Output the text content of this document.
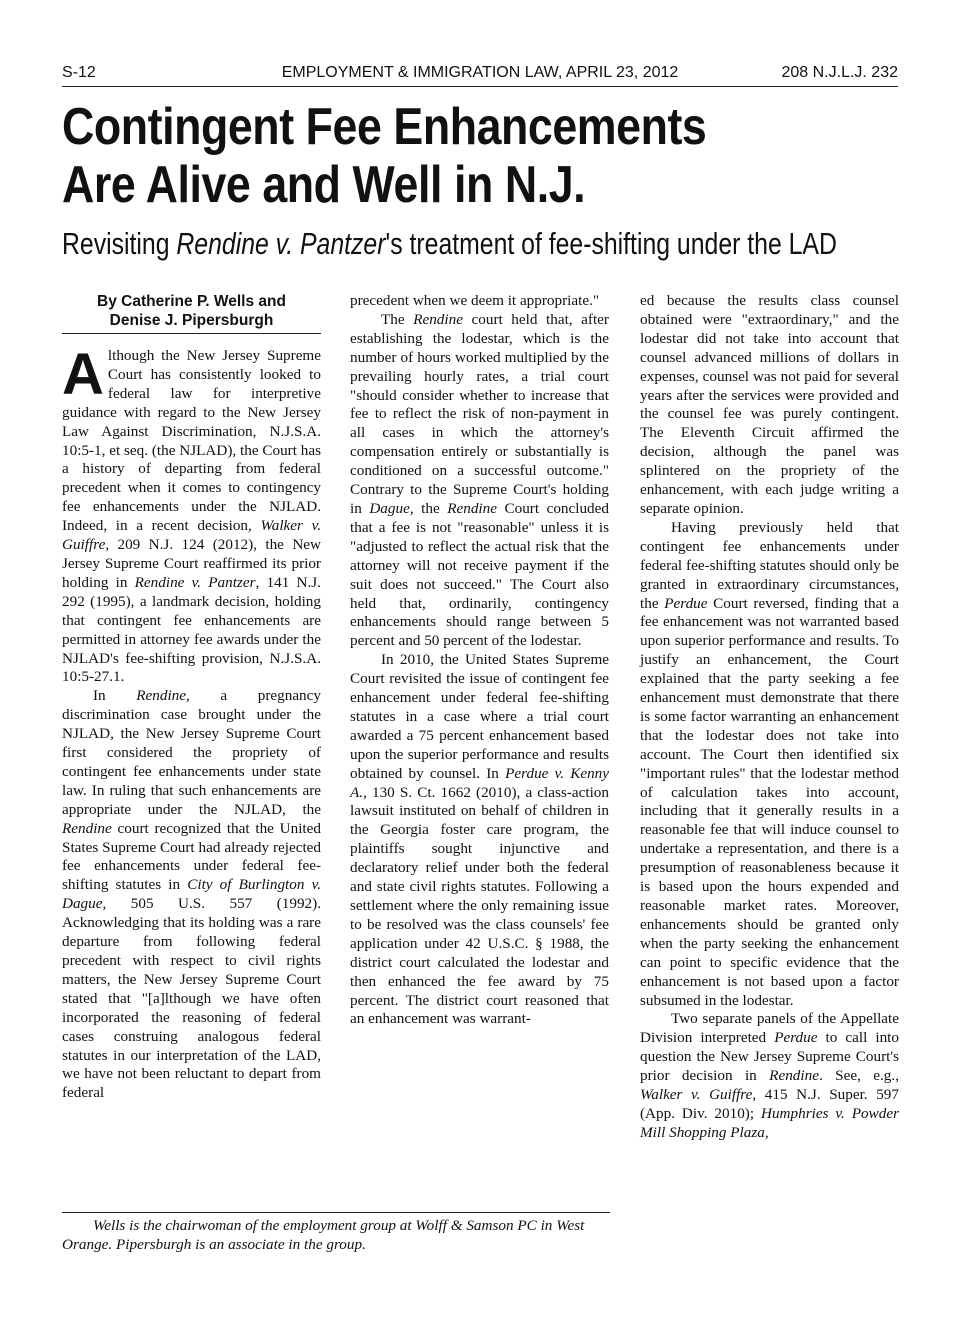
EMPLOYMENT & IMMIGRATION LAW, APRIL 23, 2012
S-12	208 N.J.L.J. 232
Contingent Fee Enhancements
Are Alive and Well in N.J.
Revisiting Rendine v. Pantzer's treatment of fee-shifting under the LAD
By Catherine P. Wells and
Denise J. Pipersburgh

Although the New Jersey Supreme Court has consistently looked to federal law for interpretive guidance with regard to the New Jersey Law Against Discrimination, N.J.S.A. 10:5-1, et seq. (the NJLAD), the Court has a history of departing from federal precedent when it comes to contingency fee enhancements under the NJLAD. Indeed, in a recent decision, Walker v. Guiffre, 209 N.J. 124 (2012), the New Jersey Supreme Court reaffirmed its prior holding in Rendine v. Pantzer, 141 N.J. 292 (1995), a landmark decision, holding that contingent fee enhancements are permitted in attorney fee awards under the NJLAD's fee-shifting provision, N.J.S.A. 10:5-27.1.

In Rendine, a pregnancy discrimination case brought under the NJLAD, the New Jersey Supreme Court first considered the propriety of contingent fee enhancements under state law. In ruling that such enhancements are appropriate under the NJLAD, the Rendine court recognized that the United States Supreme Court had already rejected fee enhancements under federal fee-shifting statutes in City of Burlington v. Dague, 505 U.S. 557 (1992). Acknowledging that its holding was a rare departure from following federal precedent with respect to civil rights matters, the New Jersey Supreme Court stated that "[a]lthough we have often incorporated the reasoning of federal cases construing analogous federal statutes in our interpretation of the LAD, we have not been reluctant to depart from federal

precedent when we deem it appropriate."

The Rendine court held that, after establishing the lodestar, which is the number of hours worked multiplied by the prevailing hourly rates, a trial court "should consider whether to increase that fee to reflect the risk of non-payment in all cases in which the attorney's compensation entirely or substantially is conditioned on a successful outcome." Contrary to the Supreme Court's holding in Dague, the Rendine Court concluded that a fee is not "reasonable" unless it is "adjusted to reflect the actual risk that the attorney will not receive payment if the suit does not succeed." The Court also held that, ordinarily, contingency enhancements should range between 5 percent and 50 percent of the lodestar.

In 2010, the United States Supreme Court revisited the issue of contingent fee enhancement under federal fee-shifting statutes in a case where a trial court awarded a 75 percent enhancement based upon the superior performance and results obtained by counsel. In Perdue v. Kenny A., 130 S. Ct. 1662 (2010), a class-action lawsuit instituted on behalf of children in the Georgia foster care program, the plaintiffs sought injunctive and declaratory relief under both the federal and state civil rights statutes. Following a settlement where the only remaining issue to be resolved was the class counsels' fee application under 42 U.S.C. § 1988, the district court calculated the lodestar and then enhanced the fee award by 75 percent. The district court reasoned that an enhancement was warrant-

ed because the results class counsel obtained were "extraordinary," and the lodestar did not take into account that counsel advanced millions of dollars in expenses, counsel was not paid for several years after the services were provided and the counsel fee was purely contingent. The Eleventh Circuit affirmed the decision, although the panel was splintered on the propriety of the enhancement, with each judge writing a separate opinion.

Having previously held that contingent fee enhancements under federal fee-shifting statutes should only be granted in extraordinary circumstances, the Perdue Court reversed, finding that a fee enhancement was not warranted based upon superior performance and results. To justify an enhancement, the Court explained that the party seeking a fee enhancement must demonstrate that there is some factor warranting an enhancement that the lodestar does not take into account. The Court then identified six "important rules" that the lodestar method of calculation takes into account, including that it generally results in a reasonable fee that will induce counsel to undertake a representation, and there is a presumption of reasonableness because it is based upon the hours expended and reasonable market rates. Moreover, enhancements should be granted only when the party seeking the enhancement can point to specific evidence that the enhancement is not based upon a factor subsumed in the lodestar.

Two separate panels of the Appellate Division interpreted Perdue to call into question the New Jersey Supreme Court's prior decision in Rendine. See, e.g., Walker v. Guiffre, 415 N.J. Super. 597 (App. Div. 2010); Humphries v. Powder Mill Shopping Plaza,

Wells is the chairwoman of the employment group at Wolff & Samson PC in West Orange. Pipersburgh is an associate in the group.
